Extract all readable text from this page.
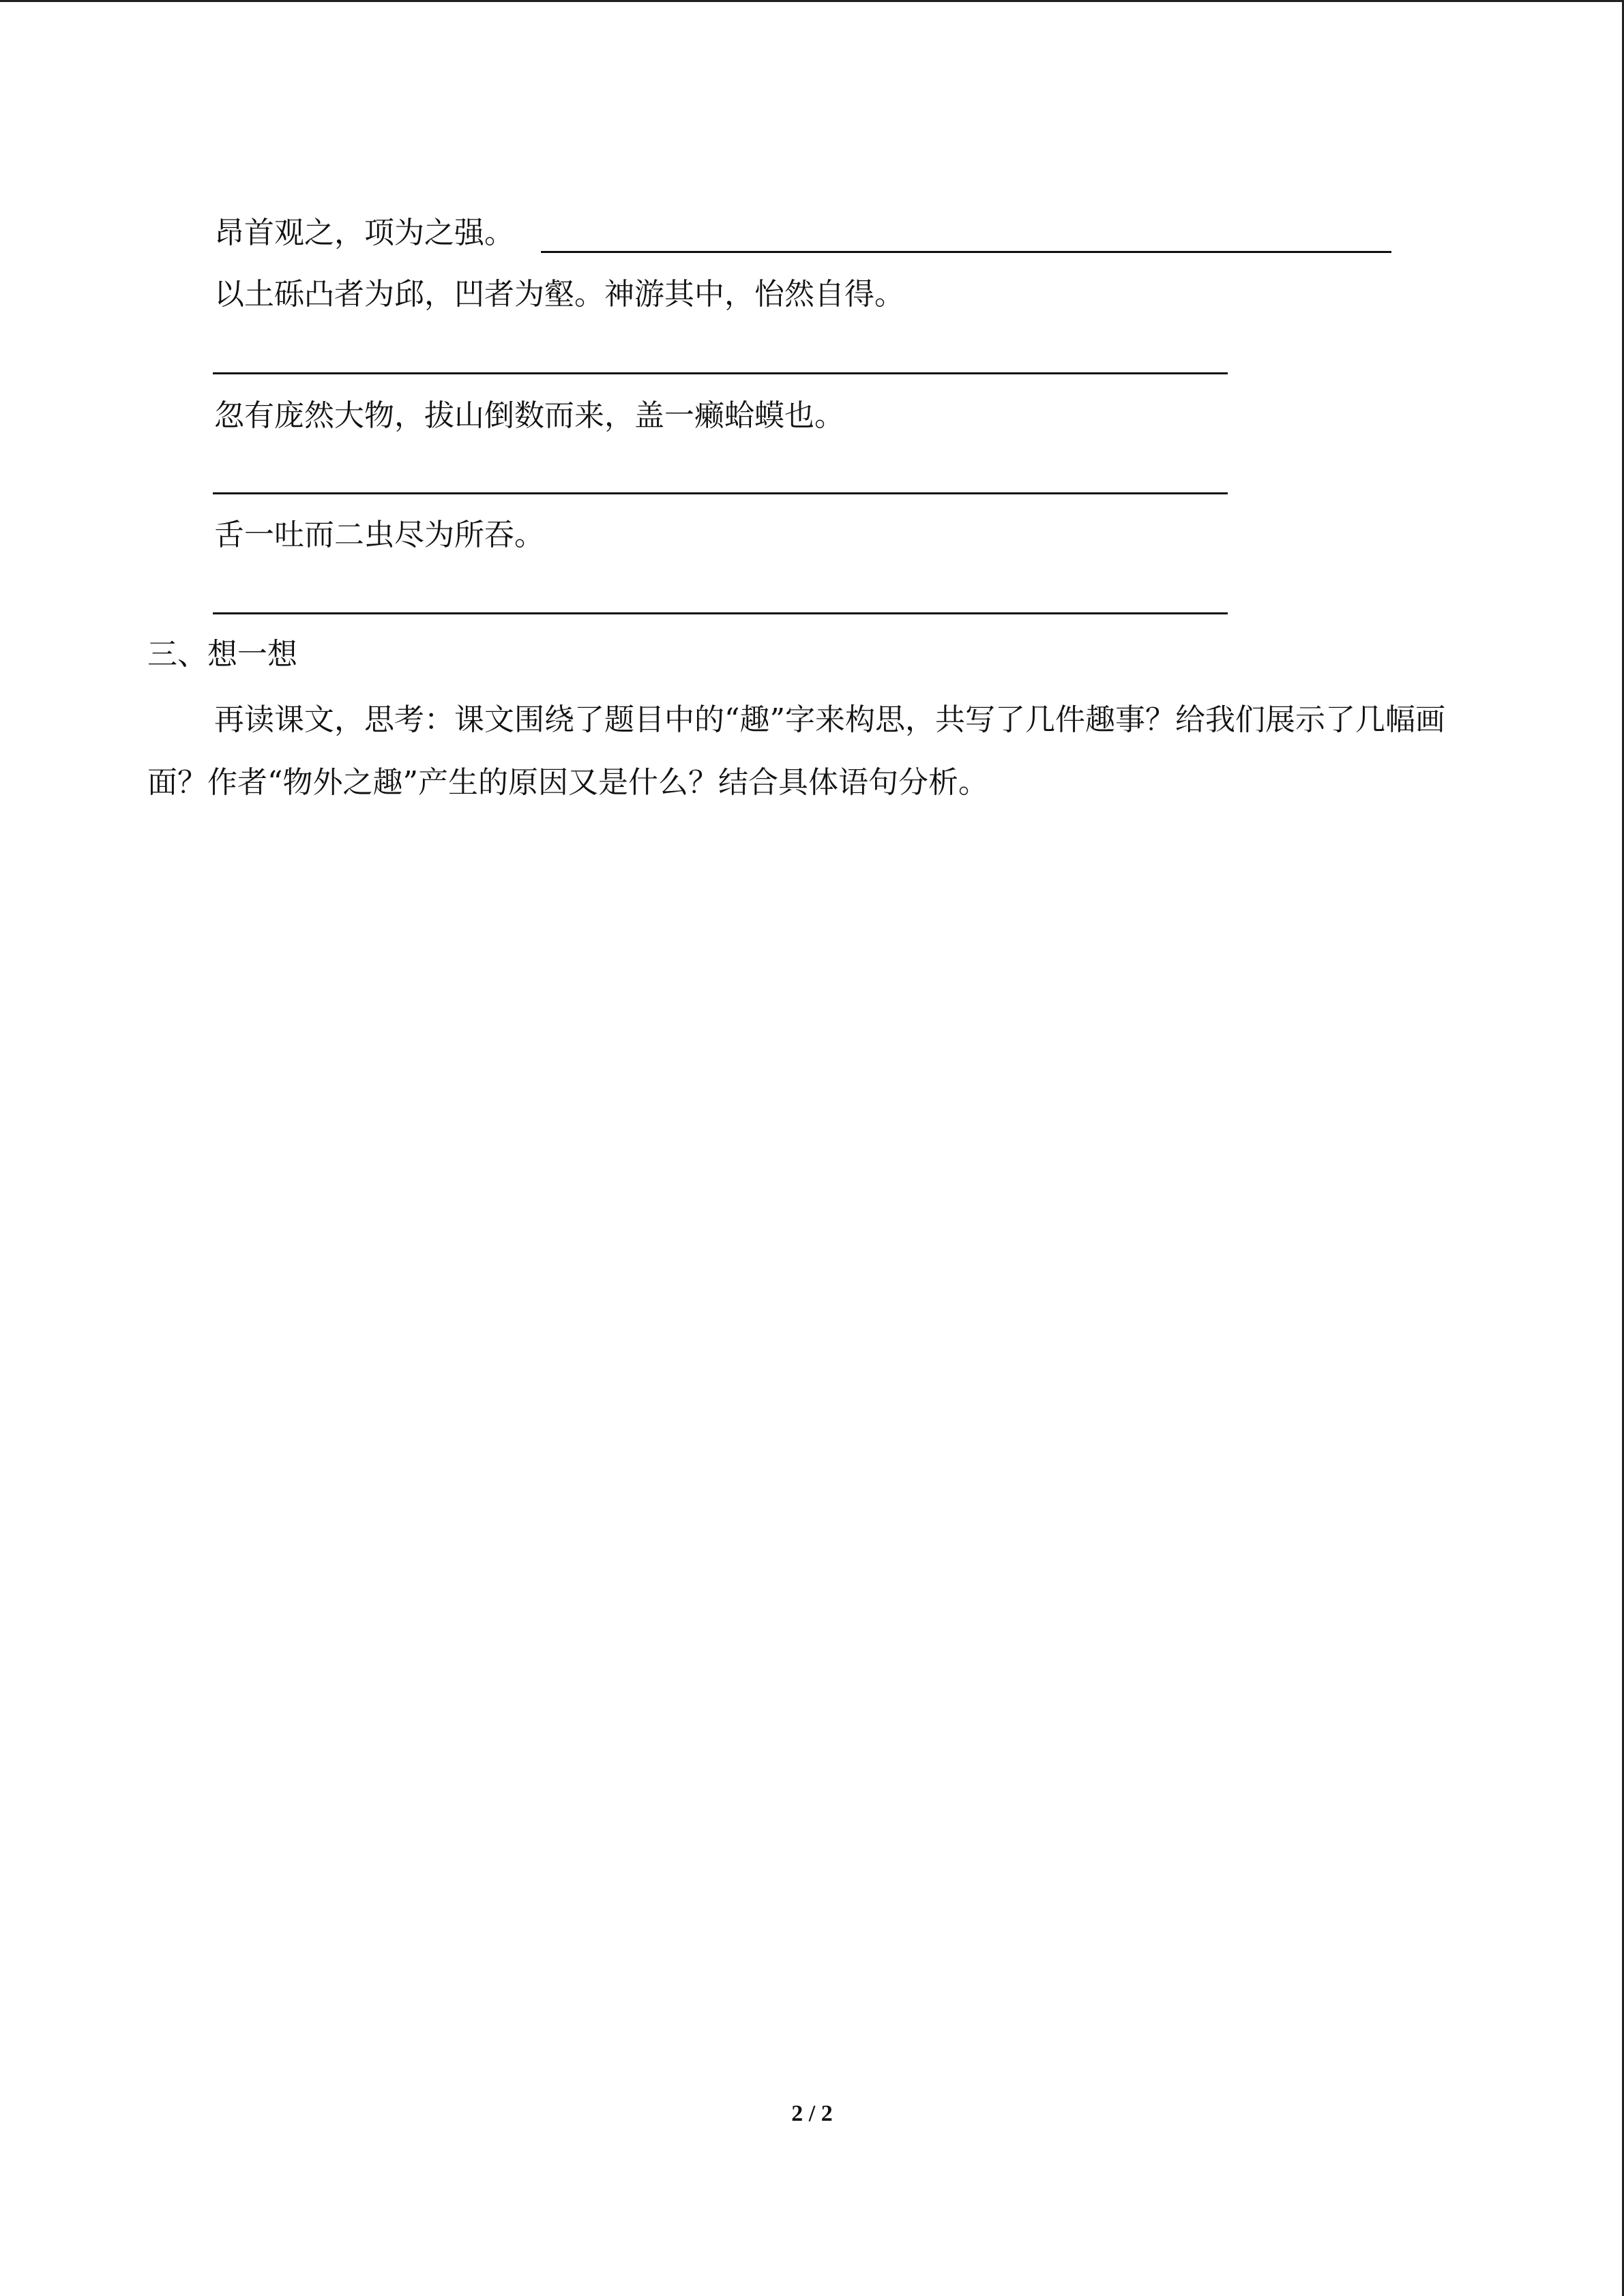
昂首观之，项为之强。
以土砾凸者为邱，凹者为壑。神游其中，怡然自得。
忽有庞然大物，拔山倒数而来，盖一癞蛤蟆也。
舌一吐而二虫尽为所吞。
三、想一想
再读课文，思考：课文围绕了题目中的“趣”字来构思，共写了几件趣事？给我们展示了几幅画面？作者“物外之趣”产生的原因又是什么？结合具体语句分析。
2 / 2
